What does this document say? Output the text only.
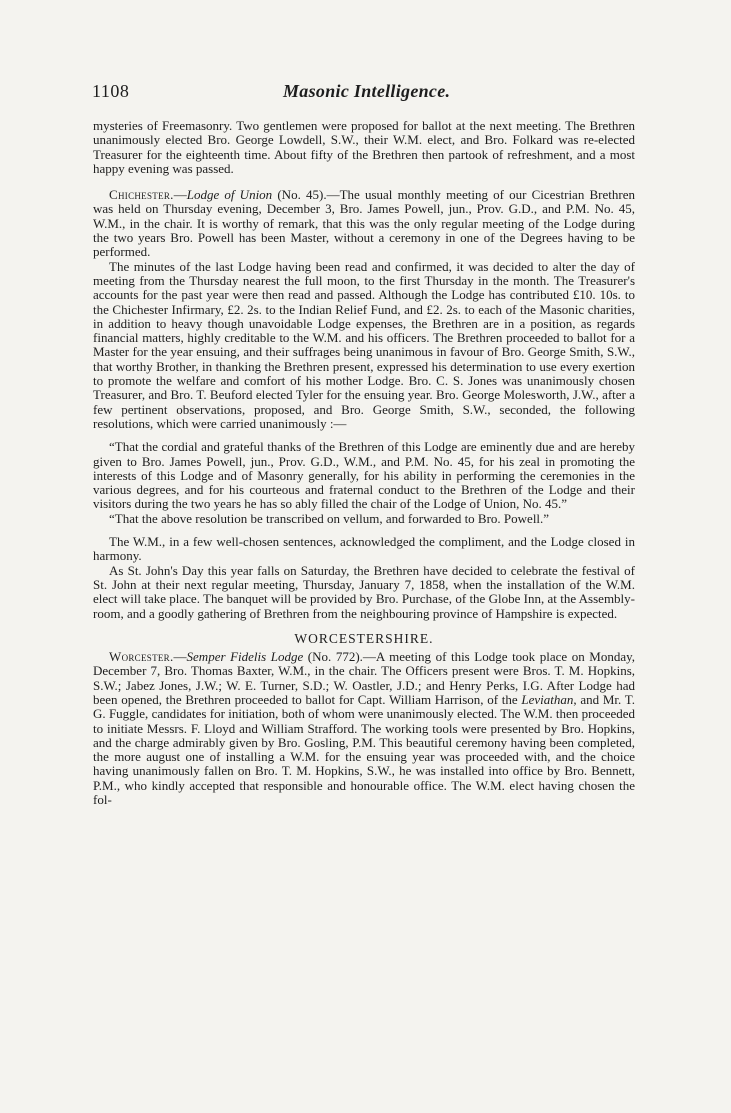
1108	Masonic Intelligence.

mysteries of Freemasonry. Two gentlemen were proposed for ballot at the next meeting. The Brethren unanimously elected Bro. George Lowdell, S.W., their W.M. elect, and Bro. Folkard was re-elected Treasurer for the eighteenth time. About fifty of the Brethren then partook of refreshment, and a most happy evening was passed.

Chichester.—Lodge of Union (No. 45).—The usual monthly meeting of our Cicestrian Brethren was held on Thursday evening, December 3, Bro. James Powell, jun., Prov. G.D., and P.M. No. 45, W.M., in the chair. It is worthy of remark, that this was the only regular meeting of the Lodge during the two years Bro. Powell has been Master, without a ceremony in one of the Degrees having to be performed.

The minutes of the last Lodge having been read and confirmed, it was decided to alter the day of meeting from the Thursday nearest the full moon, to the first Thursday in the month. The Treasurer's accounts for the past year were then read and passed. Although the Lodge has contributed £10. 10s. to the Chichester Infirmary, £2. 2s. to the Indian Relief Fund, and £2. 2s. to each of the Masonic charities, in addition to heavy though unavoidable Lodge expenses, the Brethren are in a position, as regards financial matters, highly creditable to the W.M. and his officers. The Brethren proceeded to ballot for a Master for the year ensuing, and their suffrages being unanimous in favour of Bro. George Smith, S.W., that worthy Brother, in thanking the Brethren present, expressed his determination to use every exertion to promote the welfare and comfort of his mother Lodge. Bro. C. S. Jones was unanimously chosen Treasurer, and Bro. T. Beuford elected Tyler for the ensuing year. Bro. George Molesworth, J.W., after a few pertinent observations, proposed, and Bro. George Smith, S.W., seconded, the following resolutions, which were carried unanimously :—

“That the cordial and grateful thanks of the Brethren of this Lodge are eminently due and are hereby given to Bro. James Powell, jun., Prov. G.D., W.M., and P.M. No. 45, for his zeal in promoting the interests of this Lodge and of Masonry generally, for his ability in performing the ceremonies in the various degrees, and for his courteous and fraternal conduct to the Brethren of the Lodge and their visitors during the two years he has so ably filled the chair of the Lodge of Union, No. 45.”

“That the above resolution be transcribed on vellum, and forwarded to Bro. Powell.”

The W.M., in a few well-chosen sentences, acknowledged the compliment, and the Lodge closed in harmony.

As St. John's Day this year falls on Saturday, the Brethren have decided to celebrate the festival of St. John at their next regular meeting, Thursday, January 7, 1858, when the installation of the W.M. elect will take place. The banquet will be provided by Bro. Purchase, of the Globe Inn, at the Assembly-room, and a goodly gathering of Brethren from the neighbouring province of Hampshire is expected.

WORCESTERSHIRE.

Worcester.—Semper Fidelis Lodge (No. 772).—A meeting of this Lodge took place on Monday, December 7, Bro. Thomas Baxter, W.M., in the chair. The Officers present were Bros. T. M. Hopkins, S.W.; Jabez Jones, J.W.; W. E. Turner, S.D.; W. Oastler, J.D.; and Henry Perks, I.G. After Lodge had been opened, the Brethren proceeded to ballot for Capt. William Harrison, of the Leviathan, and Mr. T. G. Fuggle, candidates for initiation, both of whom were unanimously elected. The W.M. then proceeded to initiate Messrs. F. Lloyd and William Strafford. The working tools were presented by Bro. Hopkins, and the charge admirably given by Bro. Gosling, P.M. This beautiful ceremony having been completed, the more august one of installing a W.M. for the ensuing year was proceeded with, and the choice having unanimously fallen on Bro. T. M. Hopkins, S.W., he was installed into office by Bro. Bennett, P.M., who kindly accepted that responsible and honourable office. The W.M. elect having chosen the fol-
